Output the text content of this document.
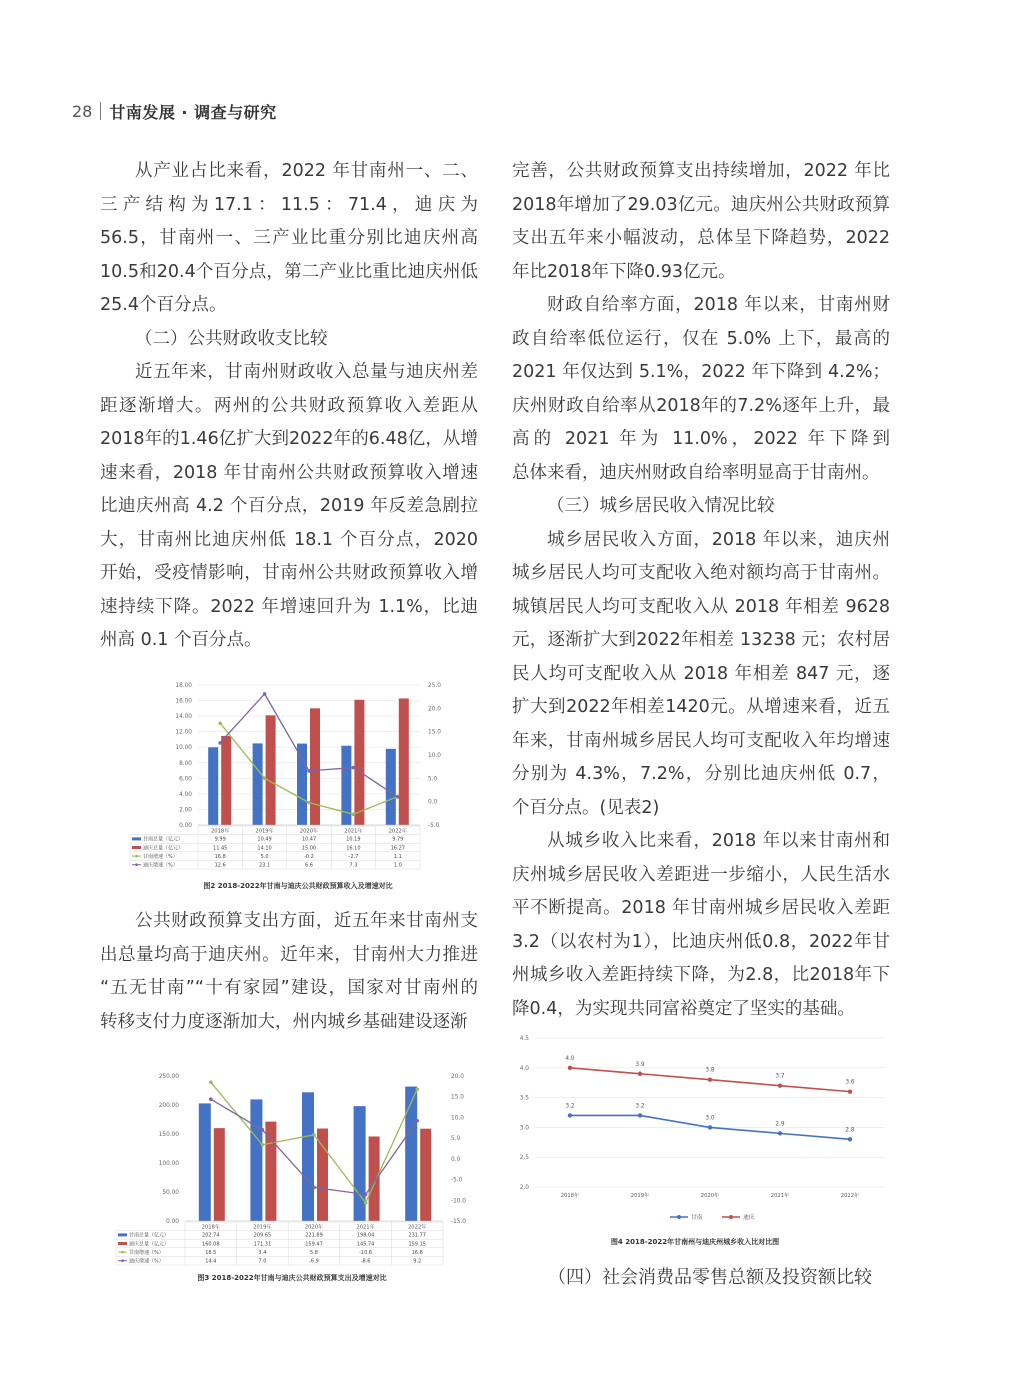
28 甘南发展 · 调查与研究
从产业占比来看，2022 年甘南州一、二、
三产结构为17.1：11.5：71.4，迪庆为
56.5，甘南州一、三产业比重分别比迪庆州高
10.5和20.4个百分点，第二产业比重比迪庆州低
25.4个百分点。
（二）公共财政收支比较
近五年来，甘南州财政收入总量与迪庆州差
距逐渐增大。两州的公共财政预算收入差距从
2018年的1.46亿扩大到2022年的6.48亿，从增
速来看，2018 年甘南州公共财政预算收入增速
比迪庆州高 4.2 个百分点，2019 年反差急剧拉
大，甘南州比迪庆州低 18.1 个百分点，2020
开始，受疫情影响，甘南州公共财政预算收入增
速持续下降。2022 年增速回升为 1.1%，比迪
州高 0.1 个百分点。
0.00
2.00
4.00
6.00
8.00
10.00
12.00
14.00
16.00
18.00
-5.0
0.0
5.0
10.0
15.0
20.0
25.0
2018年	2019年	2020年	2021年	2022年
甘南总量（亿元）	9.99	10.49	10.47	10.19	9.79
迪庆总量（亿元）	11.45	14.10	15.00	16.10	16.27
甘南增速（%）	16.8	5.0	-0.2	-2.7	1.1
迪庆增速（%）	12.6	23.1	6.6	7.3	1.0
图2 2018-2022年甘南与迪庆公共财政预算收入及增速对比
公共财政预算支出方面，近五年来甘南州支
出总量均高于迪庆州。近年来，甘南州大力推进
“五无甘南”“十有家园”建设，国家对甘南州的
转移支付力度逐渐加大，州内城乡基础建设逐渐
0.00
50.00
100.00
150.00
200.00
250.00
-15.0
-10.0
-5.0
0.0
5.0
10.0
15.0
20.0
2018年	2019年	2020年	2021年	2022年
甘南总量（亿元）	202.74	209.65	221.89	198.04	231.77
迪庆总量（亿元）	160.08	171.31	159.47	145.74	159.15
甘南增速（%）	18.5	3.4	5.8	-10.6	16.8
迪庆增速（%）	14.4	7.0	-6.9	-8.6	9.2
图3 2018-2022年甘南与迪庆公共财政预算支出及增速对比
完善，公共财政预算支出持续增加，2022 年比
2018年增加了29.03亿元。迪庆州公共财政预算
支出五年来小幅波动，总体呈下降趋势，2022
年比2018年下降0.93亿元。
财政自给率方面，2018 年以来，甘南州财
政自给率低位运行，仅在 5.0% 上下，最高的
2021 年仅达到 5.1%，2022 年下降到 4.2%；
庆州财政自给率从2018年的7.2%逐年上升，最
高的 2021 年为 11.0%，2022 年下降到
总体来看，迪庆州财政自给率明显高于甘南州。
（三）城乡居民收入情况比较
城乡居民收入方面，2018 年以来，迪庆州
城乡居民人均可支配收入绝对额均高于甘南州。
城镇居民人均可支配收入从 2018 年相差 9628
元，逐渐扩大到2022年相差 13238 元；农村居
民人均可支配收入从 2018 年相差 847 元，逐
扩大到2022年相差1420元。从增速来看，近五
年来，甘南州城乡居民人均可支配收入年均增速
分别为 4.3%，7.2%，分别比迪庆州低 0.7，
个百分点。(见表2)
从城乡收入比来看，2018 年以来甘南州和
庆州城乡居民收入差距进一步缩小，人民生活水
平不断提高。2018 年甘南州城乡居民收入差距
3.2（以农村为1），比迪庆州低0.8，2022年甘
州城乡收入差距持续下降，为2.8，比2018年下
降0.4，为实现共同富裕奠定了坚实的基础。
2.0
2.5
3.0
3.5
4.0
4.5
2018年	2019年	2020年	2021年	2022年
3.2	3.2
3.0
2.9
2.8
甘南
4.0
3.9
3.8
3.7
3.6
迪庆
图4 2018-2022年甘南州与迪庆州城乡收入比对比图
（四）社会消费品零售总额及投资额比较
